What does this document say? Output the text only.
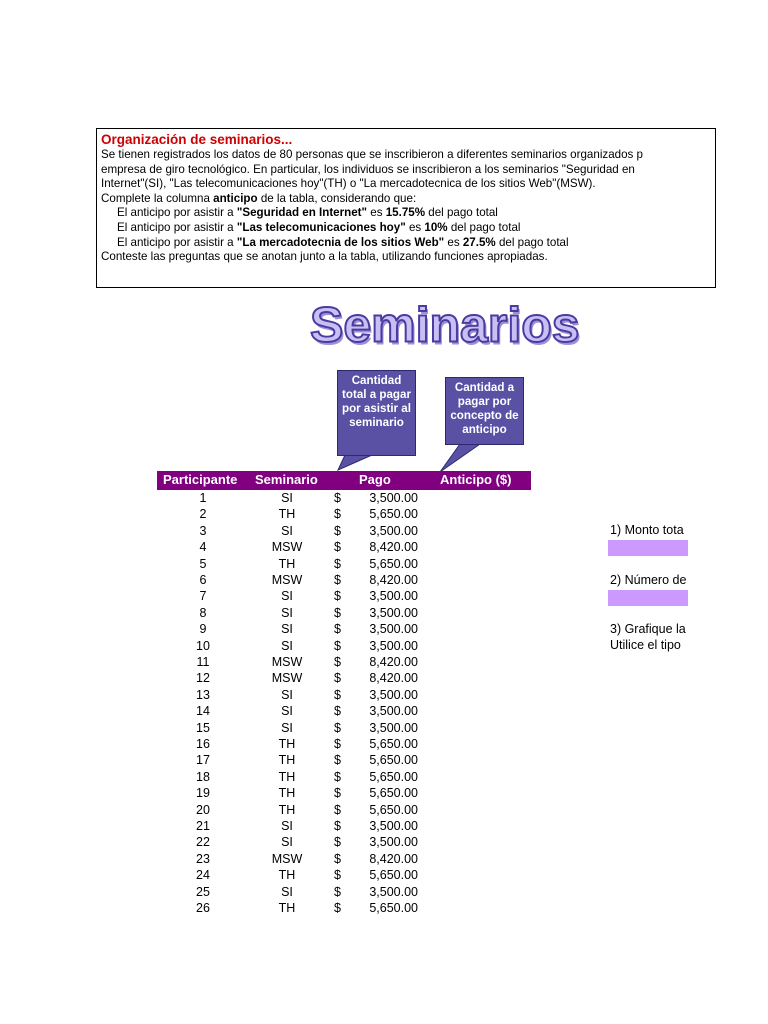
Organización de seminarios...
Se tienen registrados los datos de 80 personas que se inscribieron a diferentes seminarios organizados p
empresa de giro tecnológico. En particular, los individuos se inscribieron a los seminarios "Seguridad en
Internet"(SI), "Las telecomunicaciones hoy"(TH) o "La mercadotecnica de los sitios Web"(MSW).
Complete la columna anticipo de la tabla, considerando que:
El anticipo por asistir a "Seguridad en Internet" es 15.75% del pago total
El anticipo por asistir a "Las telecomunicaciones hoy" es 10% del pago total
El anticipo por asistir a "La mercadotecnia de los sitios Web" es 27.5% del pago total
Conteste las preguntas que se anotan junto a la tabla, utilizando funciones apropiadas.
Seminarios
Cantidad total a pagar por asistir al seminario
Cantidad a pagar por concepto de anticipo
Participante Seminario	Pago	Anticipo ($)
1	SI	$	3,500.00
2	TH	$	5,650.00
3	SI	$	3,500.00
4	MSW	$	8,420.00
5	TH	$	5,650.00
6	MSW	$	8,420.00
7	SI	$	3,500.00
8	SI	$	3,500.00
9	SI	$	3,500.00
10	SI	$	3,500.00
11	MSW	$	8,420.00
12	MSW	$	8,420.00
13	SI	$	3,500.00
14	SI	$	3,500.00
15	SI	$	3,500.00
16	TH	$	5,650.00
17	TH	$	5,650.00
18	TH	$	5,650.00
19	TH	$	5,650.00
20	TH	$	5,650.00
21	SI	$	3,500.00
22	SI	$	3,500.00
23	MSW	$	8,420.00
24	TH	$	5,650.00
25	SI	$	3,500.00
26	TH	$	5,650.00
1) Monto tota
2) Número de
3) Grafique la
Utilice el tipo
